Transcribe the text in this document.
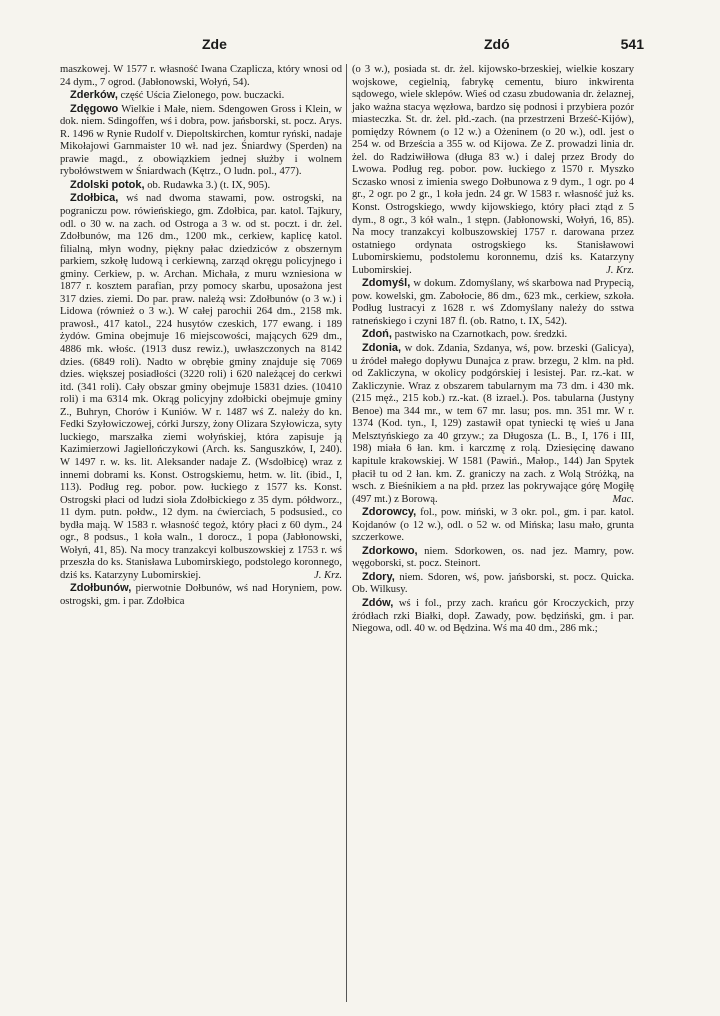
Zde	Zdó	541

maszkowej. W 1577 r. własność Iwana Czaplicza, który wnosi od 24 dym., 7 ogrod. (Jabłonowski, Wołyń, 54).

Zderków, część Uścia Zielonego, pow. buczacki.

Zdęgowo Wielkie i Małe, niem. Sdengowen Gross i Klein, w dok. niem. Sdingoffen, wś i dobra, pow. jańsborski, st. pocz. Arys. R. 1496 w Rynie Rudolf v. Diepoltskirchen, komtur ryński, nadaje Mikołajowi Garnmaister 10 wł. nad jez. Śniardwy (Sperden) na prawie magd., z obowiązkiem jednej służby i wolnem rybołówstwem w Śniardwach (Kętrz., O ludn. pol., 477).

Zdolski potok, ob. Rudawka 3.) (t. IX, 905).

Zdołbica, wś nad dwoma stawami, pow. ostrogski, na pograniczu pow. rówieńskiego, gm. Zdołbica, par. katol. Tajkury, odl. o 30 w. na zach. od Ostroga a 3 w. od st. poczt. i dr. żel. Zdołbunów, ma 126 dm., 1200 mk., cerkiew, kaplicę katol. filialną, młyn wodny, piękny pałac dziedziców z obszernym parkiem, szkołę ludową i cerkiewną, zarząd okręgu policyjnego i gminy. Cerkiew, p. w. Archan. Michała, z muru wzniesiona w 1877 r. kosztem parafian, przy pomocy skarbu, uposażona jest 317 dzies. ziemi. Do par. praw. należą wsi: Zdołbunów (o 3 w.) i Lidowa (również o 3 w.). W całej parochii 264 dm., 2158 mk. prawosł., 417 katol., 224 husytów czeskich, 177 ewang. i 189 żydów. Gmina obejmuje 16 miejscowości, mających 629 dm., 4886 mk. włośc. (1913 dusz rewiz.), uwłaszczonych na 8142 dzies. (6849 roli). Nadto w obrębie gminy znajduje się 7069 dzies. większej posiadłości (3220 roli) i 620 należącej do cerkwi itd. (341 roli). Cały obszar gminy obejmuje 15831 dzies. (10410 roli) i ma 6314 mk. Okrąg policyjny zdołbicki obejmuje gminy Z., Buhryn, Chorów i Kuniów. W r. 1487 wś Z. należy do kn. Fedki Szyłowiczowej, córki Jurszy, żony Olizara Szyłowicza, syty luckiego, marszałka ziemi wołyńskiej, która zapisuje ją Kazimierzowi Jagiellończykowi (Arch. ks. Sanguszków, I, 240). W 1497 r. w. ks. lit. Aleksander nadaje Z. (Wsdołbicę) wraz z innemi dobrami ks. Konst. Ostrogskiemu, hetm. w. lit. (ibid., I, 113). Podług reg. pobor. pow. łuckiego z 1577 ks. Konst. Ostrogski płaci od ludzi sioła Zdołbickiego z 35 dym. półdworz., 11 dym. putn. połdw., 12 dym. na ćwierciach, 5 podsusied., co bydła mają. W 1583 r. własność tegoż, który płaci z 60 dym., 24 ogr., 8 podsus., 1 koła waln., 1 dorocz., 1 popa (Jabłonowski, Wołyń, 41, 85). Na mocy tranzakcyi kolbuszowskiej z 1753 r. wś przeszła do ks. Stanisława Lubomirskiego, podstolego koronnego, dziś ks. Katarzyny Lubomirskiej.	J. Krz.

Zdołbunów, pierwotnie Dołbunów, wś nad Horyniem, pow. ostrogski, gm. i par. Zdołbica

(o 3 w.), posiada st. dr. żel. kijowsko-brzeskiej, wielkie koszary wojskowe, cegielnią, fabrykę cementu, biuro inkwirenta sądowego, wiele sklepów. Wieś od czasu zbudowania dr. żelaznej, jako ważna stacya węzłowa, bardzo się podnosi i przybiera pozór miasteczka. St. dr. żel. płd.-zach. (na przestrzeni Brześć-Kijów), pomiędzy Równem (o 12 w.) a Ożeninem (o 20 w.), odl. jest o 254 w. od Brześcia a 355 w. od Kijowa. Ze Z. prowadzi linia dr. żel. do Radziwiłłowa (długa 83 w.) i dalej przez Brody do Lwowa. Podług reg. pobor. pow. łuckiego z 1570 r. Myszko Sczasko wnosi z imienia swego Dołbunowa z 9 dym., 1 ogr. po 4 gr., 2 ogr. po 2 gr., 1 koła jedn. 24 gr. W 1583 r. własność już ks. Konst. Ostrogskiego, wwdy kijowskiego, który płaci ztąd z 5 dym., 8 ogr., 3 kół waln., 1 stępn. (Jabłonowski, Wołyń, 16, 85). Na mocy tranzakcyi kolbuszowskiej 1757 r. darowana przez ostatniego ordynata ostrogskiego ks. Stanisławowi Lubomirskiemu, podstolemu koronnemu, dziś ks. Katarzyny Lubomirskiej.	J. Krz.

Zdomyśl, w dokum. Zdomyślany, wś skarbowa nad Prypecią, pow. kowelski, gm. Zabołocie, 86 dm., 623 mk., cerkiew, szkoła. Podług lustracyi z 1628 r. wś Zdomyślany należy do sstwa ratneńskiego i czyni 187 fl. (ob. Ratno, t. IX, 542).

Zdoń, pastwisko na Czarnotkach, pow. średzki.

Zdonia, w dok. Zdania, Szdanya, wś, pow. brzeski (Galicya), u źródeł małego dopływu Dunajca z praw. brzegu, 2 klm. na płd. od Zakliczyna, w okolicy podgórskiej i lesistej. Par. rz.-kat. w Zakliczynie. Wraz z obszarem tabularnym ma 73 dm. i 430 mk. (215 męż., 215 kob.) rz.-kat. (8 izrael.). Pos. tabularna (Justyny Benoe) ma 344 mr., w tem 67 mr. lasu; pos. mn. 351 mr. W r. 1374 (Kod. tyn., I, 129) zastawił opat tyniecki tę wieś u Jana Melsztyńskiego za 40 grzyw.; za Długosza (L. B., I, 176 i III, 198) miała 6 łan. km. i karczmę z rolą. Dziesięcinę dawano kapitule krakowskiej. W 1581 (Pawiń., Małop., 144) Jan Spytek płacił tu od 2 łan. km. Z. graniczy na zach. z Wolą Stróżką, na wsch. z Bieśnikiem a na płd. przez las pokrywające górę Mogiłę (497 mt.) z Borową.	Mac.

Zdorowcy, fol., pow. miński, w 3 okr. pol., gm. i par. katol. Kojdanów (o 12 w.), odl. o 52 w. od Mińska; lasu mało, grunta szczerkowe.

Zdorkowo, niem. Sdorkowen, os. nad jez. Mamry, pow. węgoborski, st. pocz. Steinort.

Zdory, niem. Sdoren, wś, pow. jańsborski, st. pocz. Quicka. Ob. Wilkusy.

Zdów, wś i fol., przy zach. krańcu gór Kroczyckich, przy źródłach rzki Białki, dopł. Zawady, pow. będziński, gm. i par. Niegowa, odl. 40 w. od Będzina. Wś ma 40 dm., 286 mk.;
